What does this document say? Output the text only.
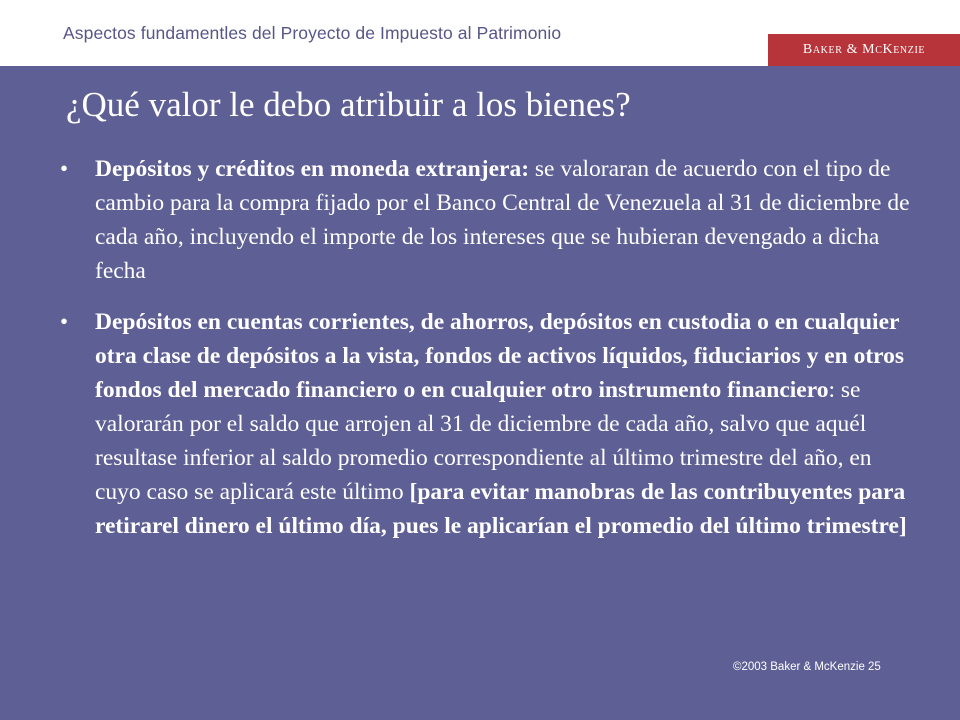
Aspectos fundamentles del Proyecto de Impuesto al Patrimonio
Baker & McKenzie
¿Qué valor le debo atribuir a los bienes?
• Depósitos y créditos en moneda extranjera: se valoraran de acuerdo con el tipo de cambio para la compra fijado por el Banco Central de Venezuela al 31 de diciembre de cada año, incluyendo el importe de los intereses que se hubieran devengado a dicha fecha
• Depósitos en cuentas corrientes, de ahorros, depósitos en custodia o en cualquier otra clase de depósitos a la vista, fondos de activos líquidos, fiduciarios y en otros fondos del mercado financiero o en cualquier otro instrumento financiero: se valorarán por el saldo que arrojen al 31 de diciembre de cada año, salvo que aquél resultase inferior al saldo promedio correspondiente al último trimestre del año, en cuyo caso se aplicará este último [para evitar manobras de las contribuyentes para retirarel dinero el último día, pues le aplicarían el promedio del último trimestre]
©2003 Baker & McKenzie 25
